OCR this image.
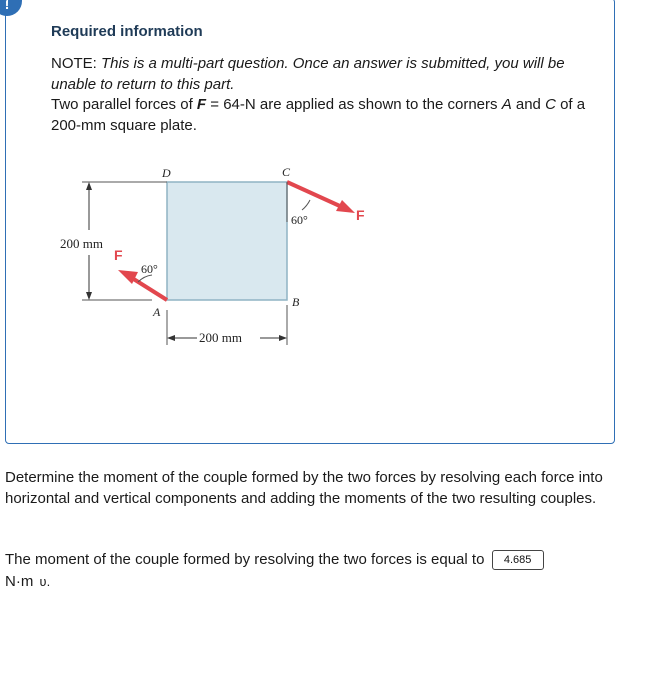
!
Required information

NOTE: This is a multi-part question. Once an answer is submitted, you will be unable to return to this part.

Two parallel forces of F = 64-N are applied as shown to the corners A and C of a 200-mm square plate.

200 mm
200 mm
D	C
A
B
60°	F
60°
F
Determine the moment of the couple formed by the two forces by resolving each force into horizontal and vertical components and adding the moments of the two resulting couples.
The moment of the couple formed by resolving the two forces is equal to 4.685
N·m ʋ.
